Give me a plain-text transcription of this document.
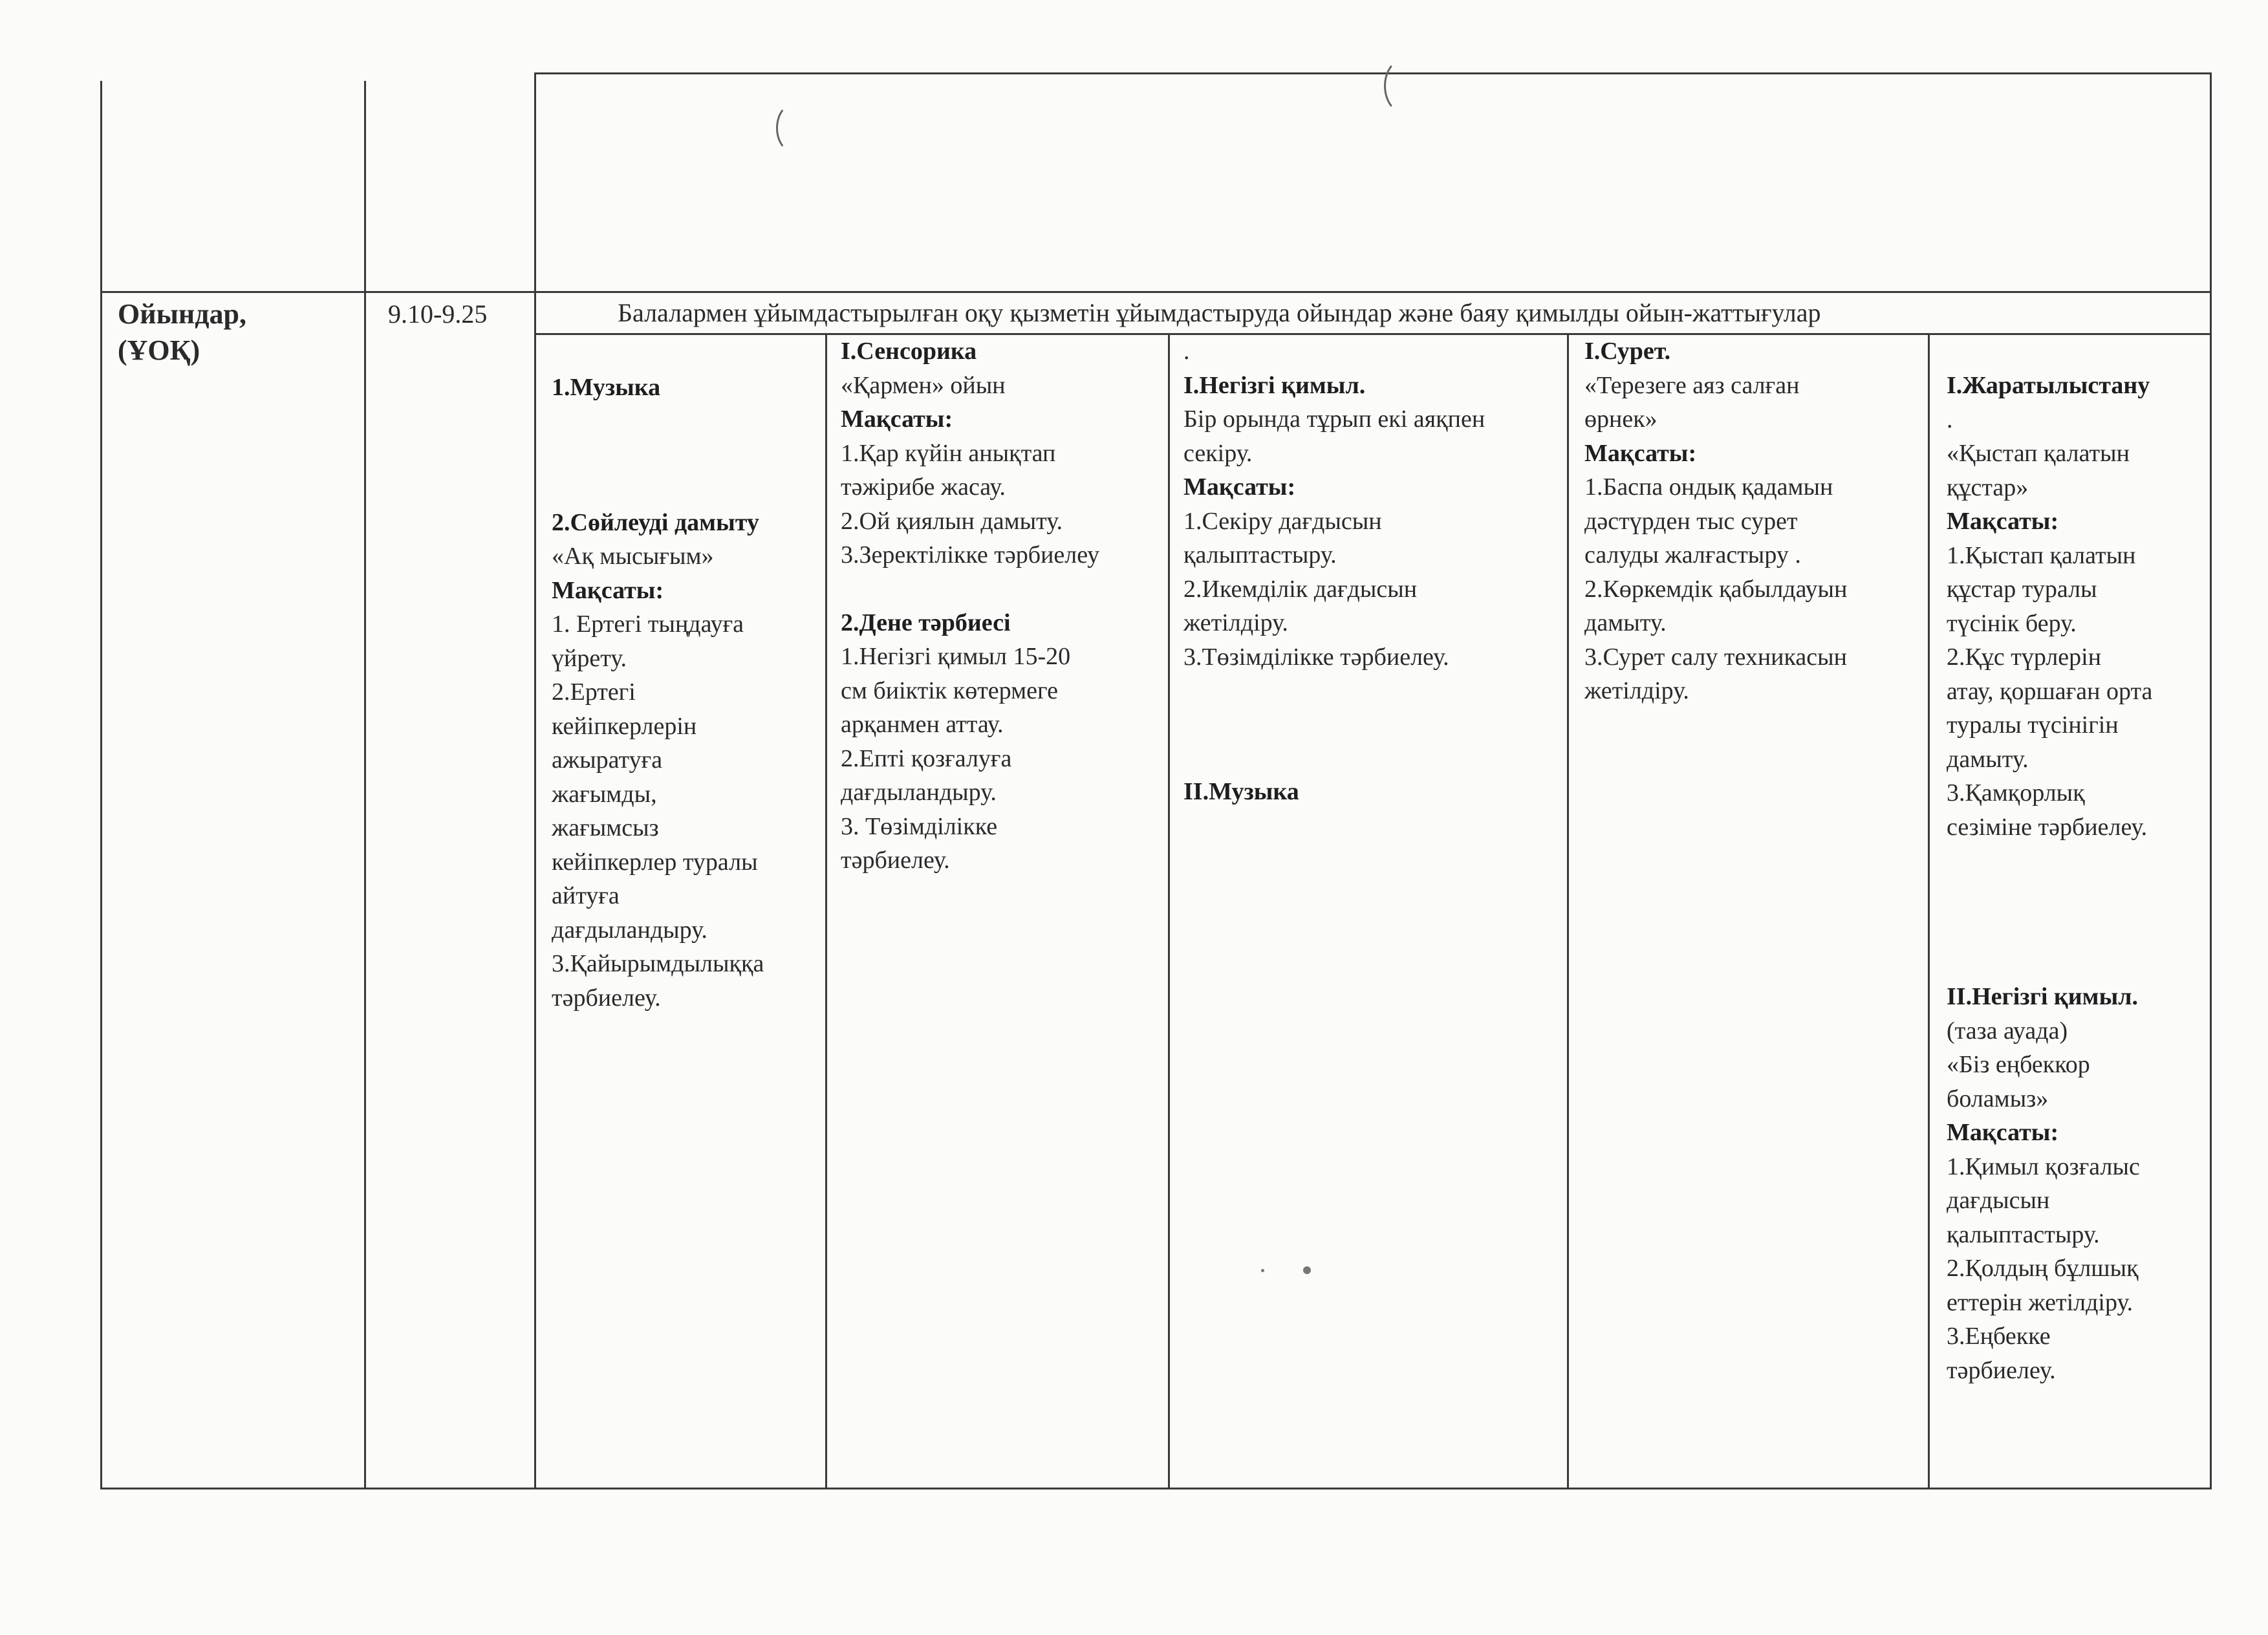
Ойындар,
(ҰОҚ)
9.10-9.25	Балалармен ұйымдастырылған оқу қызметін ұйымдастыруда ойындар және баяу қимылды ойын-жаттығулар
1.Музыка
2.Сөйлеуді дамыту
«Ақ мысығым»
Мақсаты:
1. Ертегі тыңдауға
үйрету.
2.Ертегі
кейіпкерлерін
ажыратуға
жағымды,
жағымсыз
кейіпкерлер туралы
айтуға
дағдыландыру.
3.Қайырымдылыққа
тәрбиелеу.
I.Сенсорика
«Қармен» ойын
Мақсаты:
1.Қар күйін анықтап
тәжірибе жасау.
2.Ой қиялын дамыту.
3.Зеректілікке тәрбиелеу
2.Дене тәрбиесі
1.Негізгі қимыл 15-20
см биіктік көтермеге
арқанмен аттау.
2.Епті қозғалуға
дағдыландыру.
3. Төзімділікке
тәрбиелеу.
.
I.Негізгі қимыл.
Бір орында тұрып екі аяқпен
секіру.
Мақсаты:
1.Секіру дағдысын
қалыптастыру.
2.Икемділік дағдысын
жетілдіру.
3.Төзімділікке тәрбиелеу.
II.Музыка
I.Сурет.
«Терезеге аяз салған
өрнек»
Мақсаты:
1.Баспа ондық қадамын
дәстүрден тыс сурет
салуды жалғастыру .
2.Көркемдік қабылдауын
дамыту.
3.Сурет салу техникасын
жетілдіру.
I.Жаратылыстану
.
«Қыстап қалатын
құстар»
Мақсаты:
1.Қыстап қалатын
құстар туралы
түсінік беру.
2.Құс түрлерін
атау, қоршаған орта
туралы түсінігін
дамыту.
3.Қамқорлық
сезіміне тәрбиелеу.
II.Негізгі қимыл.
(таза ауада)
«Біз еңбеккор
боламыз»
Мақсаты:
1.Қимыл қозғалыс
дағдысын
қалыптастыру.
2.Қолдың бұлшық
еттерін жетілдіру.
3.Еңбекке
тәрбиелеу.
